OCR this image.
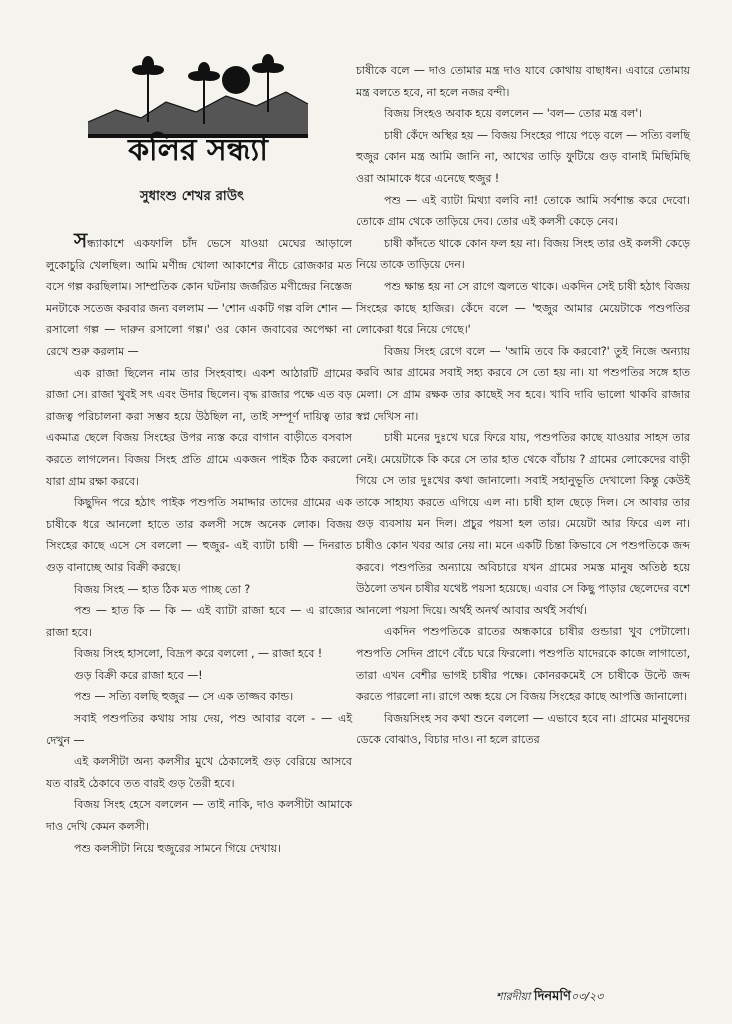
কলির সন্ধ্যা
সুধাংশু শেখর রাউৎ

সন্ধ্যাকাশে একফালি চাঁদ ভেসে যাওয়া মেঘের আড়ালে লুকোচুরি খেলছিল। আমি মণীন্দ্র খোলা আকাশের নীচে রোজকার মত বসে গল্প করছিলাম। সাম্প্রতিক কোন ঘটনায় জর্জরিত মণীন্দ্রের নিস্তেজ মনটাকে সতেজ করবার জন্য বললাম — 'শোন একটি গল্প বলি শোন — রসালো গল্প — দারুন রসালো গল্প।' ওর কোন জবাবের অপেক্ষা না রেখে শুরু করলাম —

এক রাজা ছিলেন নাম তার সিংহবাহু। একশ আঠারটি গ্রামের রাজা সে। রাজা খুবই সৎ এবং উদার ছিলেন। বৃদ্ধ রাজার পক্ষে এত বড় রাজত্ব পরিচালনা করা সম্ভব হয়ে উঠছিল না, তাই সম্পূর্ণ দায়িত্ব তার একমাত্র ছেলে বিজয় সিংহের উপর ন্যস্ত করে বাগান বাড়ীতে বসবাস করতে লাগলেন। বিজয় সিংহ প্রতি গ্রামে একজন পাইক ঠিক করলো যারা গ্রাম রক্ষা করবে।

কিছুদিন পরে হঠাৎ পাইক পশুপতি সমাদ্দার তাদের গ্রামের এক চাষীকে ধরে আনলো হাতে তার কলসী সঙ্গে অনেক লোক। বিজয় সিংহের কাছে এসে সে বললো — হুজুর- এই ব্যাটা চাষী — দিনরাত গুড় বানাচ্ছে আর বিক্রী করছে।

বিজয় সিংহ — হাত ঠিক মত পাচ্ছ তো ?

পশু — হাত কি — কি — এই ব্যাটা রাজা হবে — এ রাজ্যের রাজা হবে।

বিজয় সিংহ হাসলো, বিদ্রূপ করে বললো , — রাজা হবে !

গুড় বিক্রী করে রাজা হবে —!

পশু — সত্যি বলছি হুজুর — সে এক তাজ্জব কান্ড।

সবাই পশুপতির কথায় সায় দেয়, পশু আবার বলে - — এই দেখুন —

এই কলসীটা অন্য কলসীর মুখে ঠেকালেই গুড় বেরিয়ে আসবে যত বারই ঠেকাবে তত বারই গুড় তৈরী হবে।

বিজয় সিংহ হেসে বললেন — তাই নাকি, দাও কলসীটা আমাকে দাও দেখি কেমন কলসী।

পশু কলসীটা নিয়ে হুজুরের সামনে গিয়ে দেখায়।

চাষীকে বলে — দাও তোমার মন্ত্র দাও যাবে কোথায় বাছাধন। এবারে তোমায় মন্ত্র বলতে হবে, না হলে নজর বন্দী।

বিজয় সিংহও অবাক হয়ে বললেন — 'বল— তোর মন্ত্র বল'।

চাষী কেঁদে অস্থির হয় — বিজয় সিংহের পায়ে পড়ে বলে — সত্যি বলছি হুজুর কোন মন্ত্র আমি জানি না, আখের তাড়ি ফুটিয়ে গুড় বানাই মিছিমিছি ওরা আমাকে ধরে এনেছে হুজুর !

পশু — এই ব্যাটা মিথ্যা বলবি না! তোকে আমি সর্বশান্ত করে দেবো। তোকে গ্রাম থেকে তাড়িয়ে দেব। তোর এই কলসী কেড়ে নেব।

চাষী কাঁদতে থাকে কোন ফল হয় না। বিজয় সিংহ তার ওই কলসী কেড়ে নিয়ে তাকে তাড়িয়ে দেন।

পশু ক্ষান্ত হয় না সে রাগে জ্বলতে থাকে। একদিন সেই চাষী হঠাৎ বিজয় সিংহের কাছে হাজির। কেঁদে বলে — 'হুজুর আমার মেয়েটাকে পশুপতির লোকেরা ধরে নিয়ে গেছে।'

বিজয় সিংহ রেগে বলে — 'আমি তবে কি করবো?' তুই নিজে অন্যায় করবি আর গ্রামের সবাই সহ্য করবে সে তো হয় না। যা পশুপতির সঙ্গে হাত মেলা। সে গ্রাম রক্ষক তার কাছেই সব হবে। খাবি দাবি ভালো থাকবি রাজার স্বপ্ন দেখিস না।

চাষী মনের দুঃখে ঘরে ফিরে যায়, পশুপতির কাছে যাওয়ার সাহস তার নেই। মেয়েটাকে কি করে সে তার হাত থেকে বাঁচায় ? গ্রামের লোকেদের বাড়ী গিয়ে সে তার দুঃখের কথা জানালো। সবাই সহানুভূতি দেখালো কিন্তু কেউই তাকে সাহায্য করতে এগিয়ে এল না। চাষী হাল ছেড়ে দিল। সে আবার তার গুড় ব্যবসায় মন দিল। প্রচুর পয়সা হল তার। মেয়েটা আর ফিরে এল না। চাষীও কোন খবর আর নেয় না। মনে একটি চিন্তা কিভাবে সে পশুপতিকে জব্দ করবে। পশুপতির অন্যায়ে অবিচারে যখন গ্রামের সমস্ত মানুষ অতিষ্ঠ হয়ে উঠলো তখন চাষীর যথেষ্ট পয়সা হয়েছে। এবার সে কিছু পাড়ার ছেলেদের বশে আনলো পয়সা দিয়ে। অর্থই অনর্থ আবার অর্থই সর্বার্থ।

একদিন পশুপতিকে রাতের অন্ধকারে চাষীর গুন্ডারা খুব পেটালো। পশুপতি সেদিন প্রাণে বেঁচে ঘরে ফিরলো। পশুপতি যাদেরকে কাজে লাগাতো, তারা এখন বেশীর ভাগই চাষীর পক্ষে। কোনরকমেই সে চাষীকে উল্টে জব্দ করতে পারলো না। রাগে অন্ধ হয়ে সে বিজয় সিংহের কাছে আপত্তি জানালো।

বিজয়সিংহ সব কথা শুনে বললো — এভাবে হবে না। গ্রামের মানুষদের ডেকে বোঝাও, বিচার দাও। না হলে রাতের

শারদীয়া দিনমণি০৩/২৩
